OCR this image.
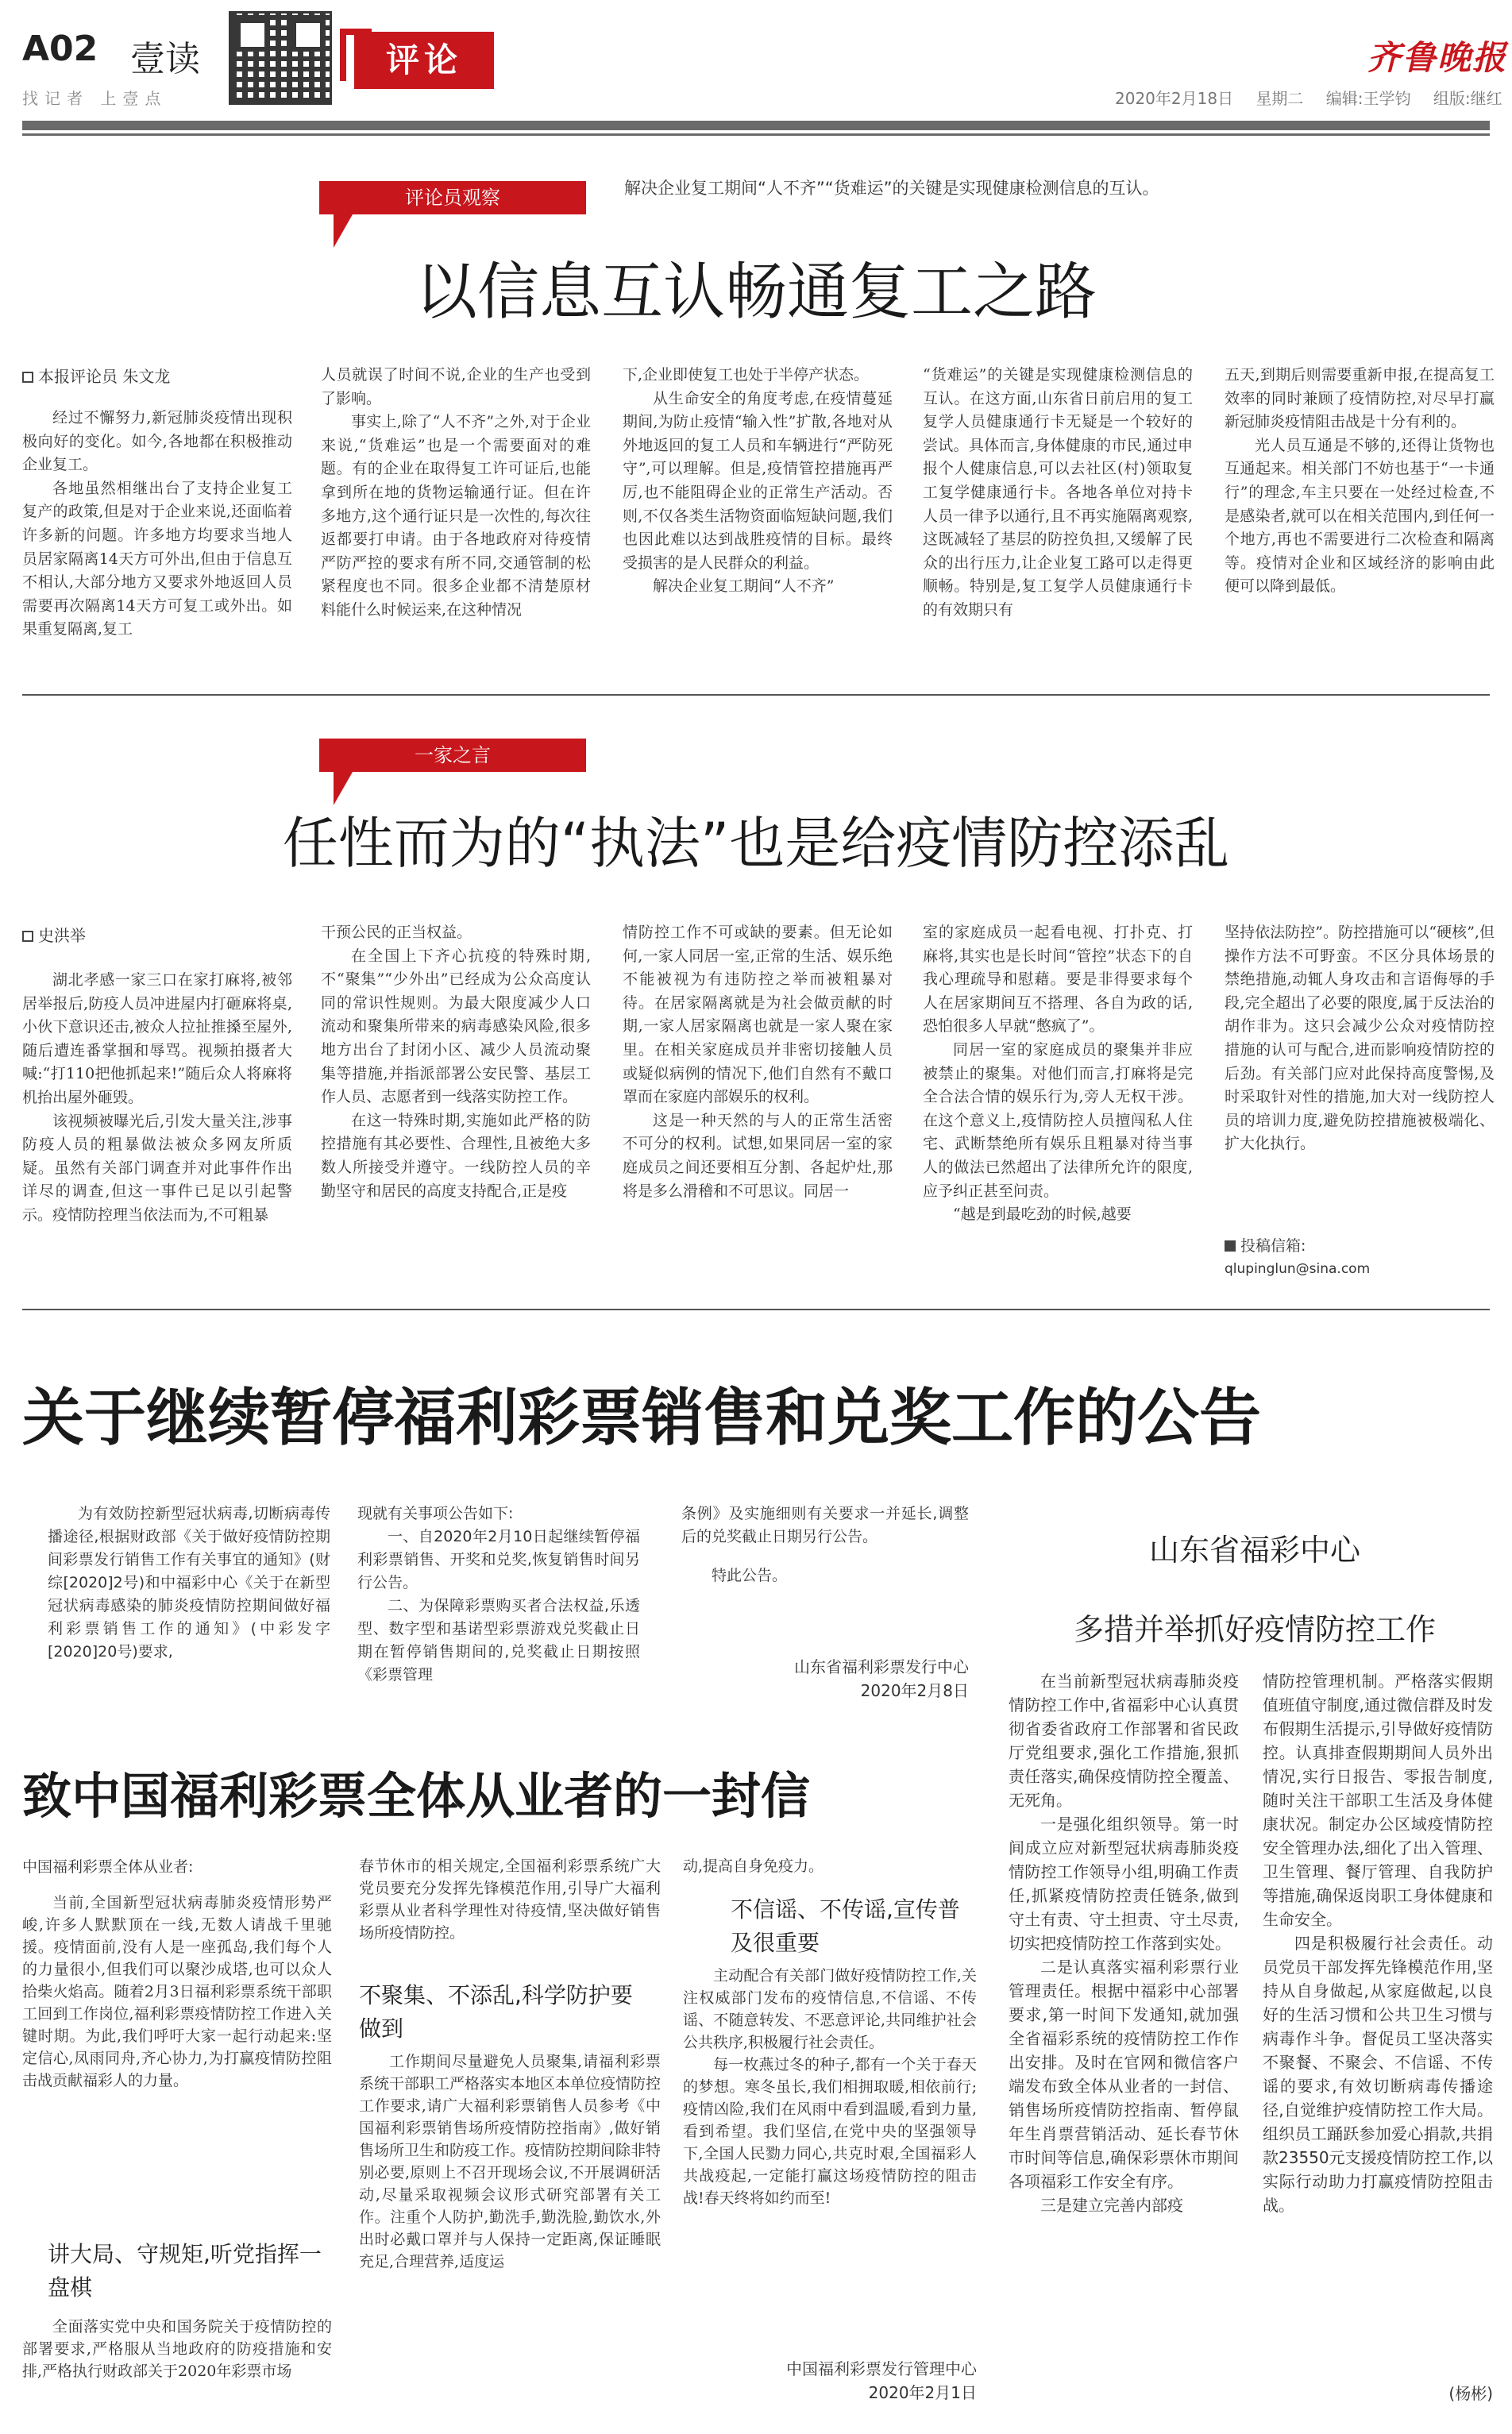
A02 壹读
找记者 上壹点
评论	齐鲁晚报
2020年2月18日 星期二 编辑:王学钧 组版:继红
评论员观察	解决企业复工期间“人不齐”“货难运”的关键是实现健康检测信息的互认。
以信息互认畅通复工之路
本报评论员 朱文龙

经过不懈努力,新冠肺炎疫情出现积极向好的变化。如今,各地都在积极推动企业复工。

各地虽然相继出台了支持企业复工复产的政策,但是对于企业来说,还面临着许多新的问题。许多地方均要求当地人员居家隔离14天方可外出,但由于信息互不相认,大部分地方又要求外地返回人员需要再次隔离14天方可复工或外出。如果重复隔离,复工

人员就误了时间不说,企业的生产也受到了影响。

事实上,除了“人不齐”之外,对于企业来说,“货难运”也是一个需要面对的难题。有的企业在取得复工许可证后,也能拿到所在地的货物运输通行证。但在许多地方,这个通行证只是一次性的,每次往返都要打申请。由于各地政府对待疫情严防严控的要求有所不同,交通管制的松紧程度也不同。很多企业都不清楚原材料能什么时候运来,在这种情况

下,企业即使复工也处于半停产状态。

从生命安全的角度考虑,在疫情蔓延期间,为防止疫情“输入性”扩散,各地对从外地返回的复工人员和车辆进行“严防死守”,可以理解。但是,疫情管控措施再严厉,也不能阻碍企业的正常生产活动。否则,不仅各类生活物资面临短缺问题,我们也因此难以达到战胜疫情的目标。最终受损害的是人民群众的利益。

解决企业复工期间“人不齐”

“货难运”的关键是实现健康检测信息的互认。在这方面,山东省日前启用的复工复学人员健康通行卡无疑是一个较好的尝试。具体而言,身体健康的市民,通过申报个人健康信息,可以去社区(村)领取复工复学健康通行卡。各地各单位对持卡人员一律予以通行,且不再实施隔离观察,这既减轻了基层的防控负担,又缓解了民众的出行压力,让企业复工路可以走得更顺畅。特别是,复工复学人员健康通行卡的有效期只有

五天,到期后则需要重新申报,在提高复工效率的同时兼顾了疫情防控,对尽早打赢新冠肺炎疫情阻击战是十分有利的。

光人员互通是不够的,还得让货物也互通起来。相关部门不妨也基于“一卡通行”的理念,车主只要在一处经过检查,不是感染者,就可以在相关范围内,到任何一个地方,再也不需要进行二次检查和隔离等。疫情对企业和区域经济的影响由此便可以降到最低。

一家之言
任性而为的“执法”也是给疫情防控添乱
史洪举

湖北孝感一家三口在家打麻将,被邻居举报后,防疫人员冲进屋内打砸麻将桌,小伙下意识还击,被众人拉扯推搡至屋外,随后遭连番掌掴和辱骂。视频拍摄者大喊:“打110把他抓起来!”随后众人将麻将机抬出屋外砸毁。

该视频被曝光后,引发大量关注,涉事防疫人员的粗暴做法被众多网友所质疑。虽然有关部门调查并对此事件作出详尽的调查,但这一事件已足以引起警示。疫情防控理当依法而为,不可粗暴

干预公民的正当权益。

在全国上下齐心抗疫的特殊时期,不“聚集”“少外出”已经成为公众高度认同的常识性规则。为最大限度减少人口流动和聚集所带来的病毒感染风险,很多地方出台了封闭小区、减少人员流动聚集等措施,并指派部署公安民警、基层工作人员、志愿者到一线落实防控工作。

在这一特殊时期,实施如此严格的防控措施有其必要性、合理性,且被绝大多数人所接受并遵守。一线防控人员的辛勤坚守和居民的高度支持配合,正是疫

情防控工作不可或缺的要素。但无论如何,一家人同居一室,正常的生活、娱乐绝不能被视为有违防控之举而被粗暴对待。在居家隔离就是为社会做贡献的时期,一家人居家隔离也就是一家人聚在家里。在相关家庭成员并非密切接触人员或疑似病例的情况下,他们自然有不戴口罩而在家庭内部娱乐的权利。

这是一种天然的与人的正常生活密不可分的权利。试想,如果同居一室的家庭成员之间还要相互分割、各起炉灶,那将是多么滑稽和不可思议。同居一

室的家庭成员一起看电视、打扑克、打麻将,其实也是长时间“管控”状态下的自我心理疏导和慰藉。要是非得要求每个人在居家期间互不搭理、各自为政的话,恐怕很多人早就“憋疯了”。

同居一室的家庭成员的聚集并非应被禁止的聚集。对他们而言,打麻将是完全合法合情的娱乐行为,旁人无权干涉。在这个意义上,疫情防控人员擅闯私人住宅、武断禁绝所有娱乐且粗暴对待当事人的做法已然超出了法律所允许的限度,应予纠正甚至问责。

“越是到最吃劲的时候,越要

坚持依法防控”。防控措施可以“硬核”,但操作方法不可野蛮。不区分具体场景的禁绝措施,动辄人身攻击和言语侮辱的手段,完全超出了必要的限度,属于反法治的胡作非为。这只会减少公众对疫情防控措施的认可与配合,进而影响疫情防控的后劲。有关部门应对此保持高度警惕,及时采取针对性的措施,加大对一线防控人员的培训力度,避免防控措施被极端化、扩大化执行。

投稿信箱:
qlupinglun@sina.com
关于继续暂停福利彩票销售和兑奖工作的公告

为有效防控新型冠状病毒,切断病毒传播途径,根据财政部《关于做好疫情防控期间彩票发行销售工作有关事宜的通知》(财综[2020]2号)和中福彩中心《关于在新型冠状病毒感染的肺炎疫情防控期间做好福利彩票销售工作的通知》(中彩发字[2020]20号)要求,

现就有关事项公告如下:

一、自2020年2月10日起继续暂停福利彩票销售、开奖和兑奖,恢复销售时间另行公告。

二、为保障彩票购买者合法权益,乐透型、数字型和基诺型彩票游戏兑奖截止日期在暂停销售期间的,兑奖截止日期按照《彩票管理

条例》及实施细则有关要求一并延长,调整后的兑奖截止日期另行公告。

特此公告。

山东省福利彩票发行中心
2020年2月8日
致中国福利彩票全体从业者的一封信
中国福利彩票全体从业者:

当前,全国新型冠状病毒肺炎疫情形势严峻,许多人默默顶在一线,无数人请战千里驰援。疫情面前,没有人是一座孤岛,我们每个人的力量很小,但我们可以聚沙成塔,也可以众人拾柴火焰高。随着2月3日福利彩票系统干部职工回到工作岗位,福利彩票疫情防控工作进入关键时期。为此,我们呼吁大家一起行动起来:坚定信心,凤雨同舟,齐心协力,为打赢疫情防控阻击战贡献福彩人的力量。

讲大局、守规矩,听党指挥一盘棋

全面落实党中央和国务院关于疫情防控的部署要求,严格服从当地政府的防疫措施和安排,严格执行财政部关于2020年彩票市场

春节休市的相关规定,全国福利彩票系统广大党员要充分发挥先锋模范作用,引导广大福利彩票从业者科学理性对待疫情,坚决做好销售场所疫情防控。

不聚集、不添乱,科学防护要做到

工作期间尽量避免人员聚集,请福利彩票系统干部职工严格落实本地区本单位疫情防控工作要求,请广大福利彩票销售人员参考《中国福利彩票销售场所疫情防控指南》,做好销售场所卫生和防疫工作。疫情防控期间除非特别必要,原则上不召开现场会议,不开展调研活动,尽量采取视频会议形式研究部署有关工作。注重个人防护,勤洗手,勤洗脸,勤饮水,外出时必戴口罩并与人保持一定距离,保证睡眠充足,合理营养,适度运

动,提高自身免疫力。

不信谣、不传谣,宣传普及很重要

主动配合有关部门做好疫情防控工作,关注权威部门发布的疫情信息,不信谣、不传谣、不随意转发、不恶意评论,共同维护社会公共秩序,积极履行社会责任。

每一枚燕过冬的种子,都有一个关于春天的梦想。寒冬虽长,我们相拥取暖,相依前行;疫情凶险,我们在风雨中看到温暖,看到力量,看到希望。我们坚信,在党中央的坚强领导下,全国人民勠力同心,共克时艰,全国福彩人共战疫起,一定能打赢这场疫情防控的阻击战!春天终将如约而至!

中国福利彩票发行管理中心
2020年2月1日
山东省福彩中心
多措并举抓好疫情防控工作

在当前新型冠状病毒肺炎疫情防控工作中,省福彩中心认真贯彻省委省政府工作部署和省民政厅党组要求,强化工作措施,狠抓责任落实,确保疫情防控全覆盖、无死角。

一是强化组织领导。第一时间成立应对新型冠状病毒肺炎疫情防控工作领导小组,明确工作责任,抓紧疫情防控责任链条,做到守土有责、守土担责、守土尽责,切实把疫情防控工作落到实处。

二是认真落实福利彩票行业管理责任。根据中福彩中心部署要求,第一时间下发通知,就加强全省福彩系统的疫情防控工作作出安排。及时在官网和微信客户端发布致全体从业者的一封信、销售场所疫情防控指南、暂停鼠年生肖票营销活动、延长春节休市时间等信息,确保彩票休市期间各项福彩工作安全有序。

三是建立完善内部疫

情防控管理机制。严格落实假期值班值守制度,通过微信群及时发布假期生活提示,引导做好疫情防控。认真排查假期期间人员外出情况,实行日报告、零报告制度,随时关注干部职工生活及身体健康状况。制定办公区域疫情防控安全管理办法,细化了出入管理、卫生管理、餐厅管理、自我防护等措施,确保返岗职工身体健康和生命安全。

四是积极履行社会责任。动员党员干部发挥先锋模范作用,坚持从自身做起,从家庭做起,以良好的生活习惯和公共卫生习惯与病毒作斗争。督促员工坚决落实不聚餐、不聚会、不信谣、不传谣的要求,有效切断病毒传播途径,自觉维护疫情防控工作大局。组织员工踊跃参加爱心捐款,共捐款23550元支援疫情防控工作,以实际行动助力打赢疫情防控阻击战。

(杨彬)
